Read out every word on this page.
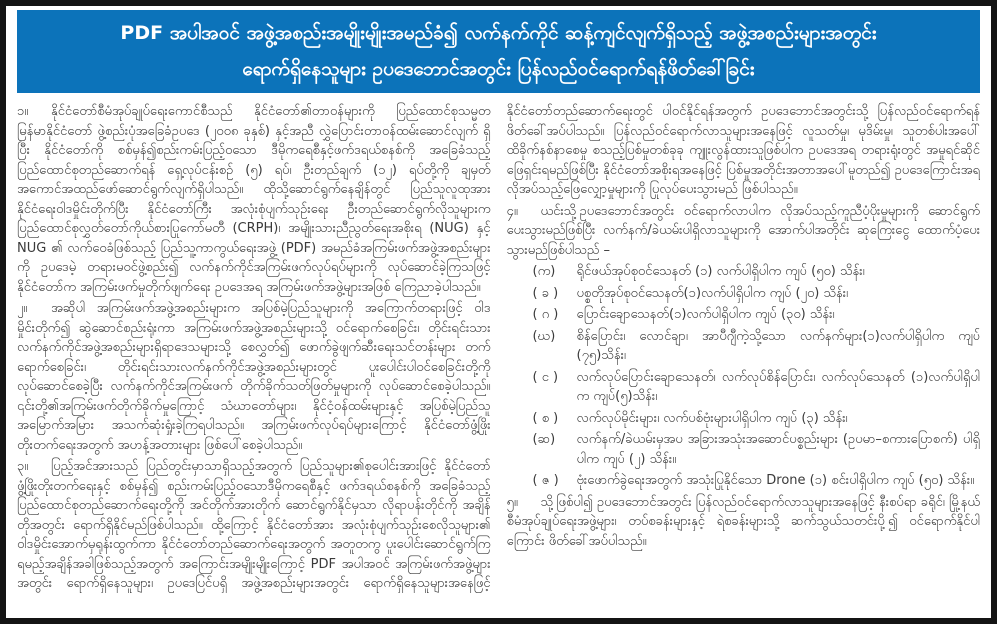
PDF အပါအဝင် အဖွဲ့အစည်းအမျိုးမျိုးအမည်ခံ၍ လက်နက်ကိုင် ဆန့်ကျင်လျက်ရှိသည့် အဖွဲ့အစည်းများအတွင်း
ရောက်ရှိနေသူများ ဥပဒေဘောင်အတွင်း ပြန်လည်ဝင်ရောက်ရန်ဖိတ်ခေါ်ခြင်း

၁။ နိုင်ငံတော်စီမံအုပ်ချုပ်ရေးကောင်စီသည် နိုင်ငံတော်၏တာဝန်များကို ပြည်ထောင်စုသမ္မတ မြန်မာနိုင်ငံတော် ဖွဲ့စည်းပုံအခြေခံဥပဒေ (၂၀၀၈ ခုနှစ်) နှင့်အညီ လွှဲပြောင်းတာဝန်ထမ်းဆောင်လျက် ရှိပြီး နိုင်ငံတော်ကို စစ်မှန်၍စည်းကမ်းပြည့်ဝသော ဒီမိုကရေစီနှင့်ဖက်ဒရယ်စနစ်ကို အခြေခံသည့် ပြည်ထောင်စုတည်ဆောက်ရန် ရှေ့လုပ်ငန်းစဉ် (၅) ရပ်၊ ဦးတည်ချက် (၁၂) ရပ်တို့ကို ချမှတ်အကောင်အထည်ဖော်ဆောင်ရွက်လျက်ရှိပါသည်။ ထိုသို့ဆောင်ရွက်နေချိန်တွင် ပြည်သူလူထုအား နိုင်ငံရေးဝါဒမှိုင်းတိုက်ပြီး နိုင်ငံတော်ကြီး အလုံးစုံပျက်သုဉ်းရေး ဦးတည်ဆောင်ရွက်လိုသူများက ပြည်ထောင်စုလွှတ်တော်ကိုယ်စားပြုကော်မတီ (CRPH)၊ အမျိုးသားညီညွတ်ရေးအစိုးရ (NUG) နှင့် NUG ၏ လက်ဝေခံဖြစ်သည့် ပြည်သူ့ကာကွယ်ရေးအဖွဲ့ (PDF) အမည်ခံအကြမ်းဖက်အဖွဲ့အစည်းများကို ဥပဒေမဲ့ တရားမဝင်ဖွဲ့စည်း၍ လက်နက်ကိုင်အကြမ်းဖက်လုပ်ရပ်များကို လုပ်ဆောင်ခဲ့ကြသဖြင့် နိုင်ငံတော်က အကြမ်းဖက်မှုတိုက်ဖျက်ရေး ဥပဒေအရ အကြမ်းဖက်အဖွဲ့များအဖြစ် ကြေညာခဲ့ပါသည်။

၂။ အဆိုပါ အကြမ်းဖက်အဖွဲ့အစည်းများက အပြစ်မဲ့ပြည်သူများကို အကြောက်တရားဖြင့် ဝါဒမှိုင်းတိုက်၍ ဆွဲဆောင်စည်းရုံးကာ အကြမ်းဖက်အဖွဲ့အစည်းများသို့ ဝင်ရောက်စေခြင်း၊ တိုင်းရင်းသား လက်နက်ကိုင်အဖွဲ့အစည်းများရှိရာဒေသများသို့ စေလွှတ်၍ ဖောက်ခွဲဖျက်ဆီးရေးသင်တန်းများ တက်ရောက်စေခြင်း၊ တိုင်းရင်းသားလက်နက်ကိုင်အဖွဲ့အစည်းများတွင် ပူးပေါင်းပါဝင်စေခြင်းတို့ကို လုပ်ဆောင်စေခဲ့ပြီး လက်နက်ကိုင်အကြမ်းဖက် တိုက်ခိုက်သတ်ဖြတ်မှုများကို လုပ်ဆောင်စေခဲ့ပါသည်။ ၎င်းတို့၏အကြမ်းဖက်တိုက်ခိုက်မှုကြောင့် သံဃာတော်များ၊ နိုင်ငံ့ဝန်ထမ်းများနှင့် အပြစ်မဲ့ပြည်သူအမြောက်အမြား အသက်ဆုံးရှုံးခဲ့ကြရပါသည်။ အကြမ်းဖက်လုပ်ရပ်များကြောင့် နိုင်ငံတော်ဖွံ့ဖြိုးတိုးတက်ရေးအတွက် အဟန့်အတားများ ဖြစ်ပေါ်စေခဲ့ပါသည်။

၃။ ပြည့်အင်အားသည် ပြည်တွင်းမှာသာရှိသည့်အတွက် ပြည်သူများ၏စုပေါင်းအားဖြင့် နိုင်ငံတော်ဖွံ့ဖြိုးတိုးတက်ရေးနှင့် စစ်မှန်၍ စည်းကမ်းပြည့်ဝသောဒီမိုကရေစီနှင့် ဖက်ဒရယ်စနစ်ကို အခြေခံသည့် ပြည်ထောင်စုတည်ဆောက်ရေးတို့ကို အင်တိုက်အားတိုက် ဆောင်ရွက်နိုင်မှသာ လိုရာပန်းတိုင်ကို အချိန်တိုအတွင်း ရောက်ရှိနိုင်မည်ဖြစ်ပါသည်။ ထို့ကြောင့် နိုင်ငံတော်အား အလုံးစုံပျက်သုဉ်းစေလိုသူများ၏ ဝါဒမှိုင်းအောက်မှရုန်းထွက်ကာ နိုင်ငံတော်တည်ဆောက်ရေးအတွက် အတူတကွ ပူးပေါင်းဆောင်ရွက်ကြရမည့်အချိန်အခါဖြစ်သည့်အတွက် အကြောင်းအမျိုးမျိုးကြောင့် PDF အပါအဝင် အကြမ်းဖက်အဖွဲ့များအတွင်း ရောက်ရှိနေသူများ၊ ဥပဒေပြင်ပရှိ အဖွဲ့အစည်းများအတွင်း ရောက်ရှိနေသူများအနေဖြင့် နိုင်ငံတော်တည်ဆောက်ရေးတွင် ပါဝင်နိုင်ရန်အတွက် ဥပဒေဘောင်အတွင်းသို့ ပြန်လည်ဝင်ရောက်ရန် ဖိတ်ခေါ်အပ်ပါသည်။ ပြန်လည်ဝင်ရောက်လာသူများအနေဖြင့် လူသတ်မှု၊ မုဒိမ်းမှု၊ သူတစ်ပါးအပေါ် ထိခိုက်နစ်နာစေမှု စသည့်ပြစ်မှုတစ်ခုခု ကျူးလွန်ထားသူဖြစ်ပါက ဥပဒေအရ တရားရုံးတွင် အမှုရင်ဆိုင်ဖြေရှင်းရမည်ဖြစ်ပြီး နိုင်ငံတော်အစိုးရအနေဖြင့် ပြစ်မှုအတိုင်းအတာအပေါ်မူတည်၍ ဥပဒေကြောင်းအရ လိုအပ်သည့်ဖြေလျှော့မှုများကို ပြုလုပ်ပေးသွားမည် ဖြစ်ပါသည်။

၄။ ယင်းသို့ဥပဒေဘောင်အတွင်း ဝင်ရောက်လာပါက လိုအပ်သည့်ကူညီပံ့ပိုးမှုများကို ဆောင်ရွက်ပေးသွားမည်ဖြစ်ပြီး လက်နက်/ခဲယမ်းပါရှိလာသူများကို အောက်ပါအတိုင်း ဆုကြေးငွေ ထောက်ပံ့ပေးသွားမည်ဖြစ်ပါသည် –

(က)	ရိုင်ဖယ်အုပ်စုဝင်သေနတ် (၁) လက်ပါရှိပါက ကျပ် (၅၀) သိန်း၊
( ခ )	ပစ္စတိုအုပ်စုဝင်သေနတ်(၁)လက်ပါရှိပါက ကျပ် (၂၀) သိန်း၊
( ဂ )	ပြောင်းချောသေနတ်(၁)လက်ပါရှိပါက ကျပ် (၃၀) သိန်း၊
(ဃ)	စိန်ပြောင်း၊ လောင်ချာ၊ အာပီဂျီကဲ့သို့သော လက်နက်များ(၁)လက်ပါရှိပါက ကျပ် (၇၅)သိန်း၊
( င )	လက်လုပ်ပြောင်းချောသေနတ်၊ လက်လုပ်စိန်ပြောင်း၊ လက်လုပ်သေနတ် (၁)လက်ပါရှိပါက ကျပ်(၅)သိန်း၊
( စ )	လက်လုပ်မိုင်းများ၊ လက်ပစ်ဗုံးများပါရှိပါက ကျပ် (၃) သိန်း၊
(ဆ)	လက်နက်/ခဲယမ်းမှအပ အခြားအသုံးအဆောင်ပစ္စည်းများ (ဥပမာ–စကားပြောစက်) ပါရှိပါက ကျပ် (၂) သိန်း။
( ဇ )	ဗုံးဖောက်ခွဲရေးအတွက် အသုံးပြုနိုင်သော Drone (၁) စင်းပါရှိပါက ကျပ် (၅၀) သိန်း။

၅။ သို့ဖြစ်ပါ၍ ဥပဒေဘောင်အတွင်း ပြန်လည်ဝင်ရောက်လာသူများအနေဖြင့် နီးစပ်ရာ ခရိုင်၊ မြို့နယ်စီမံအုပ်ချုပ်ရေးအဖွဲ့များ၊ တပ်စခန်းများနှင့် ရဲစခန်းများသို့ ဆက်သွယ်သတင်းပို့၍ ဝင်ရောက်နိုင်ပါကြောင်း ဖိတ်ခေါ်အပ်ပါသည်။
